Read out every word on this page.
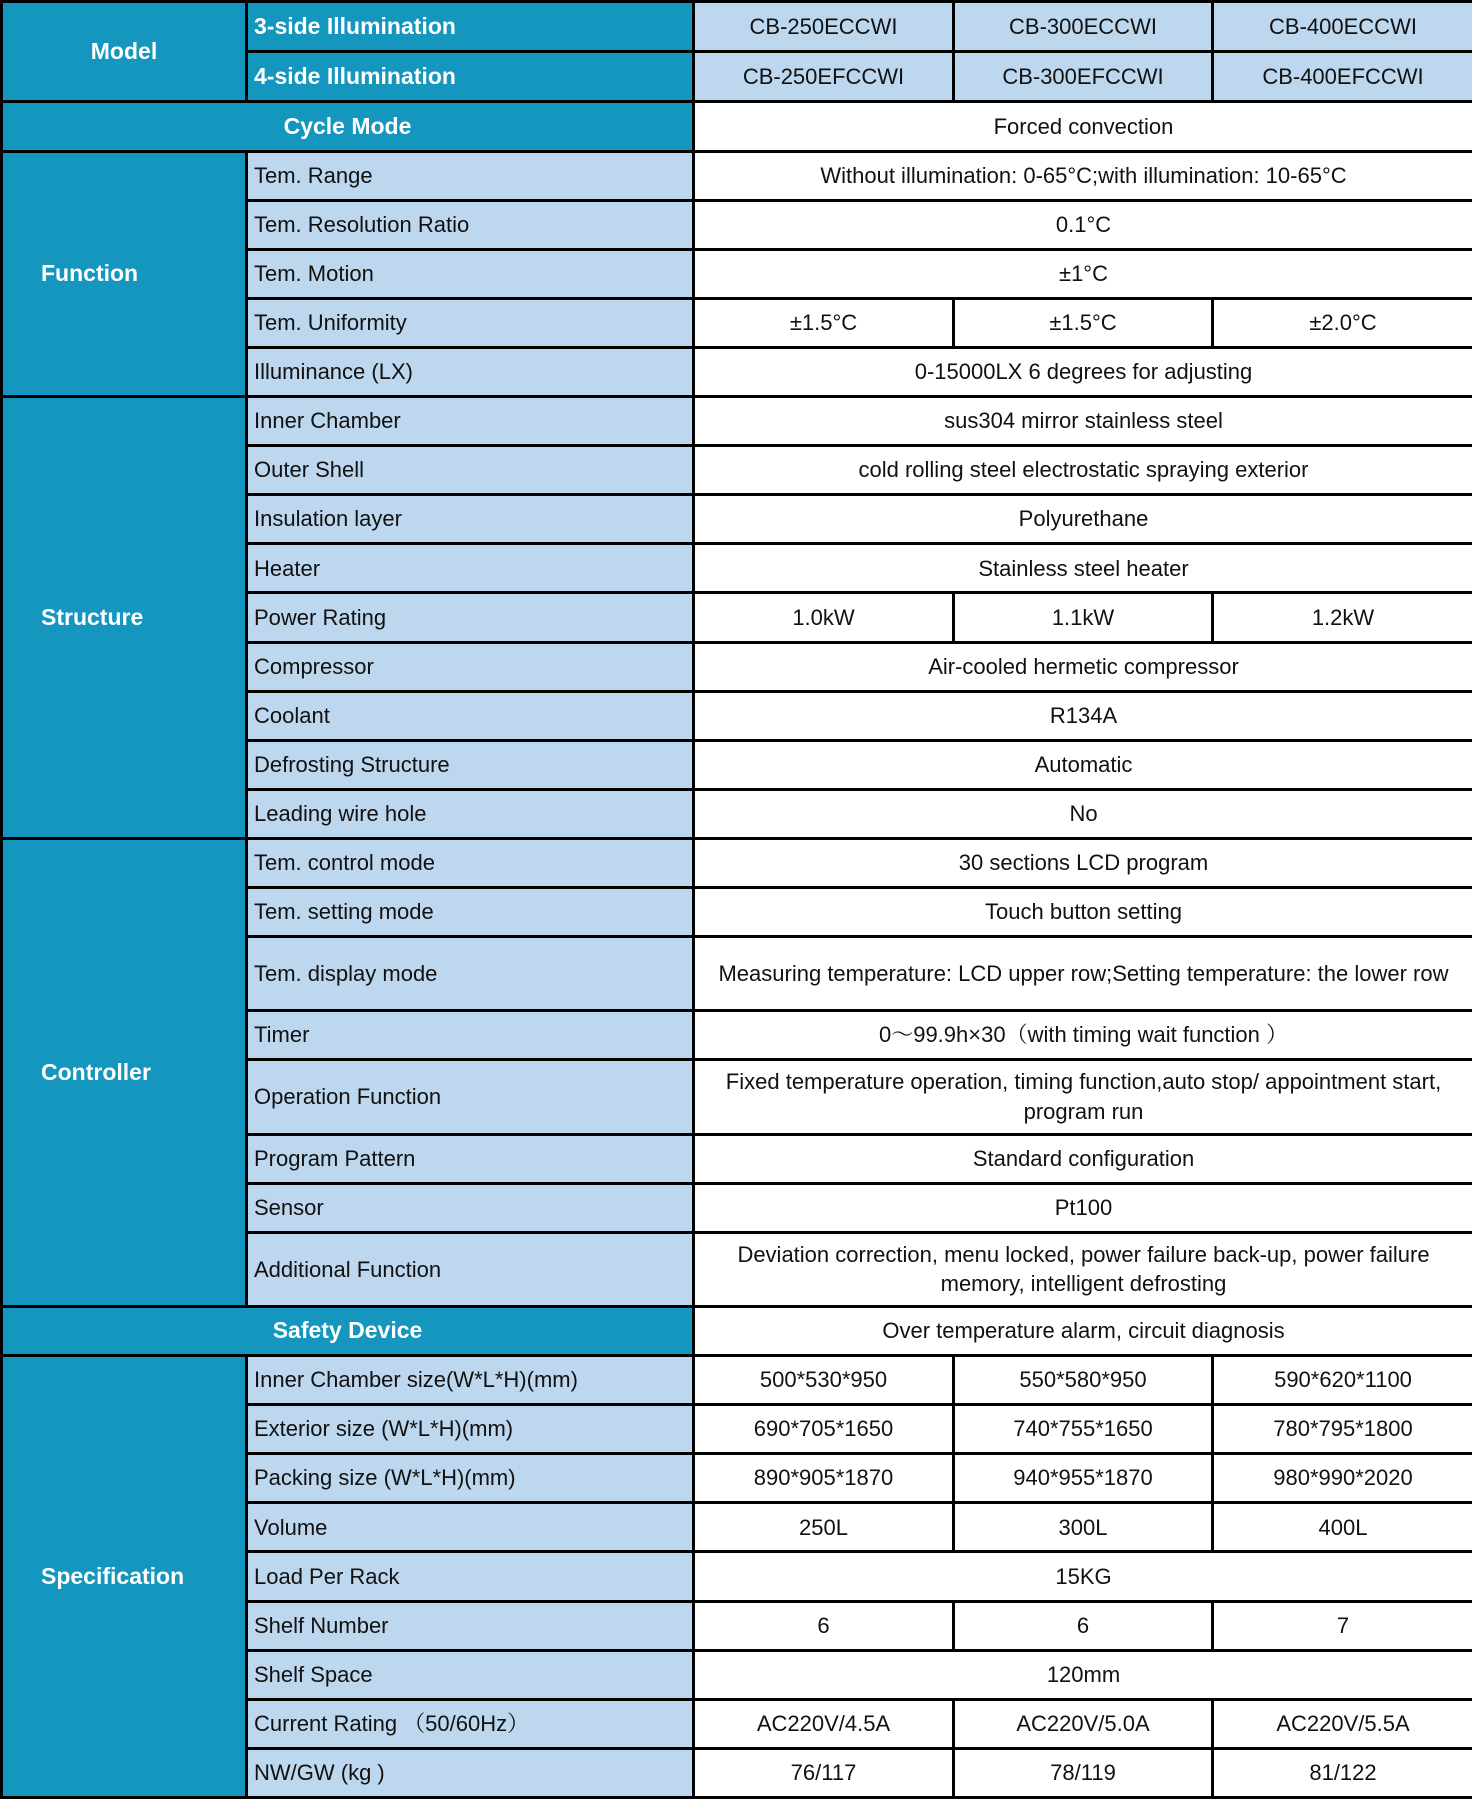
Model	3-side Illumination	CB-250ECCWI	CB-300ECCWI	CB-400ECCWI
	4-side Illumination	CB-250EFCCWI	CB-300EFCCWI	CB-400EFCCWI
Cycle Mode		Forced convection		
Function	Tem. Range	Without illumination: 0-65°C;with illumination: 10-65°C		
	Tem. Resolution Ratio	0.1°C		
	Tem. Motion	±1°C		
	Tem. Uniformity	±1.5°C	±1.5°C	±2.0°C
	Illuminance (LX)	0-15000LX 6 degrees for adjusting		
Structure	Inner Chamber	sus304 mirror stainless steel		
	Outer Shell	cold rolling steel electrostatic spraying exterior		
	Insulation layer	Polyurethane		
	Heater	Stainless steel heater		
	Power Rating	1.0kW	1.1kW	1.2kW
	Compressor	Air-cooled hermetic compressor		
	Coolant	R134A		
	Defrosting Structure	Automatic		
	Leading wire hole	No		
Controller	Tem. control mode	30 sections LCD program		
	Tem. setting mode	Touch button setting		
	Tem. display mode	Measuring temperature: LCD upper row;Setting temperature: the lower row		
	Timer	0～99.9h×30（with timing wait function ）		
	Operation Function	Fixed temperature operation, timing function,auto stop/ appointment start, program run		
	Program Pattern	Standard configuration		
	Sensor	Pt100		
	Additional Function	Deviation correction, menu locked, power failure back-up, power failure memory, intelligent defrosting		
Safety Device		Over temperature alarm, circuit diagnosis		
Specification	Inner Chamber size(W*L*H)(mm)	500*530*950	550*580*950	590*620*1100
	Exterior size (W*L*H)(mm)	690*705*1650	740*755*1650	780*795*1800
	Packing size (W*L*H)(mm)	890*905*1870	940*955*1870	980*990*2020
	Volume	250L	300L	400L
	Load Per Rack	15KG		
	Shelf Number	6	6	7
	Shelf Space	120mm		
	Current Rating （50/60Hz）	AC220V/4.5A	AC220V/5.0A	AC220V/5.5A
	NW/GW (kg )	76/117	78/119	81/122
